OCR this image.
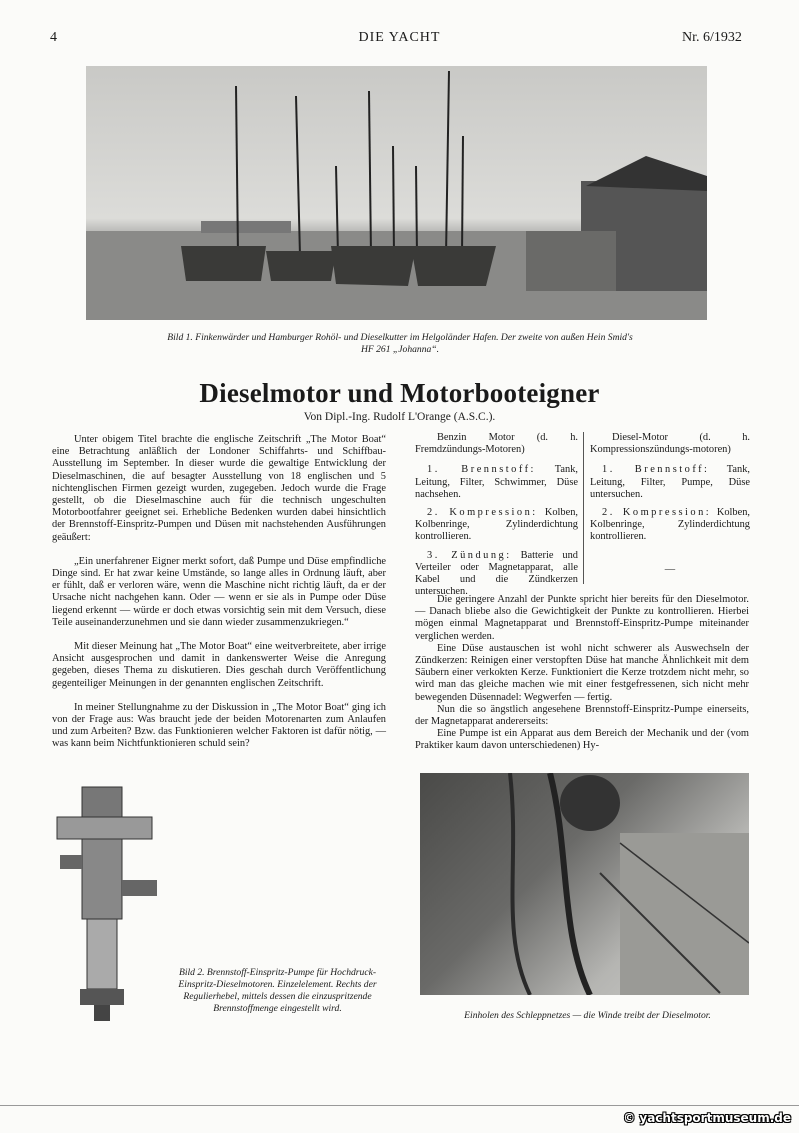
4	DIE YACHT	Nr. 6/1932
Bild 1. Finkenwärder und Hamburger Rohöl- und Dieselkutter im Helgoländer Hafen. Der zweite von außen Hein Smid's
HF 261 „Johanna“.
Dieselmotor und Motorbooteigner
Von Dipl.-Ing. Rudolf L'Orange (A.S.C.).

Unter obigem Titel brachte die englische Zeitschrift „The Motor Boat“ eine Betrachtung anläßlich der Londoner Schiffahrts- und Schiffbau-Ausstellung im September. In dieser wurde die gewaltige Entwicklung der Dieselmaschinen, die auf besagter Ausstellung von 18 englischen und 5 nichtenglischen Firmen gezeigt wurden, zugegeben. Jedoch wurde die Frage gestellt, ob die Dieselmaschine auch für die technisch ungeschulten Motorbootfahrer geeignet sei. Erhebliche Bedenken wurden dabei hinsichtlich der Brennstoff-Einspritz-Pumpen und Düsen mit nachstehenden Ausführungen geäußert:

„Ein unerfahrener Eigner merkt sofort, daß Pumpe und Düse empfindliche Dinge sind. Er hat zwar keine Umstände, so lange alles in Ordnung läuft, aber er fühlt, daß er verloren wäre, wenn die Maschine nicht richtig läuft, da er der Ursache nicht nachgehen kann. Oder — wenn er sie als in Pumpe oder Düse liegend erkennt — würde er doch etwas vorsichtig sein mit dem Versuch, diese Teile auseinanderzunehmen und sie dann wieder zusammenzukriegen.“

Mit dieser Meinung hat „The Motor Boat“ eine weitverbreitete, aber irrige Ansicht ausgesprochen und damit in dankenswerter Weise die Anregung gegeben, dieses Thema zu diskutieren. Dies geschah durch Veröffentlichung gegenteiliger Meinungen in der genannten englischen Zeitschrift.

In meiner Stellungnahme zu der Diskussion in „The Motor Boat“ ging ich von der Frage aus: Was braucht jede der beiden Motorenarten zum Anlaufen und zum Arbeiten? Bzw. das Funktionieren welcher Faktoren ist dafür nötig, — was kann beim Nichtfunktionieren schuld sein?

Bild 2. Brennstoff-Einspritz-Pumpe für Hochdruck-Einspritz-Dieselmotoren. Einzelelement. Rechts der Regulierhebel, mittels dessen die einzuspritzende Brennstoffmenge eingestellt wird.

Benzin Motor (d. h. Fremdzündungs-Motoren)

1. Brennstoff: Tank, Leitung, Filter, Schwimmer, Düse nachsehen.

2. Kompression: Kolben, Kolbenringe, Zylinderdichtung kontrollieren.

3. Zündung: Batterie und Verteiler oder Magnetapparat, alle Kabel und die Zündkerzen untersuchen.

Diesel-Motor (d. h. Kompressionszündungs-motoren)

1. Brennstoff: Tank, Leitung, Filter, Pumpe, Düse untersuchen.

2. Kompression: Kolben, Kolbenringe, Zylinderdichtung kontrollieren.

—

Die geringere Anzahl der Punkte spricht hier bereits für den Dieselmotor. — Danach bliebe also die Gewichtigkeit der Punkte zu kontrollieren. Hierbei mögen einmal Magnetapparat und Brennstoff-Einspritz-Pumpe miteinander verglichen werden.

Eine Düse austauschen ist wohl nicht schwerer als Auswechseln der Zündkerzen: Reinigen einer verstopften Düse hat manche Ähnlichkeit mit dem Säubern einer verkokten Kerze. Funktioniert die Kerze trotzdem nicht mehr, so wird man das gleiche machen wie mit einer festgefressenen, sich nicht mehr bewegenden Düsennadel: Wegwerfen — fertig.

Nun die so ängstlich angesehene Brennstoff-Einspritz-Pumpe einerseits, der Magnetapparat andererseits:

Eine Pumpe ist ein Apparat aus dem Bereich der Mechanik und der (vom Praktiker kaum davon unterschiedenen) Hy-

Einholen des Schleppnetzes — die Winde treibt der Dieselmotor.
© yachtsportmuseum.de
